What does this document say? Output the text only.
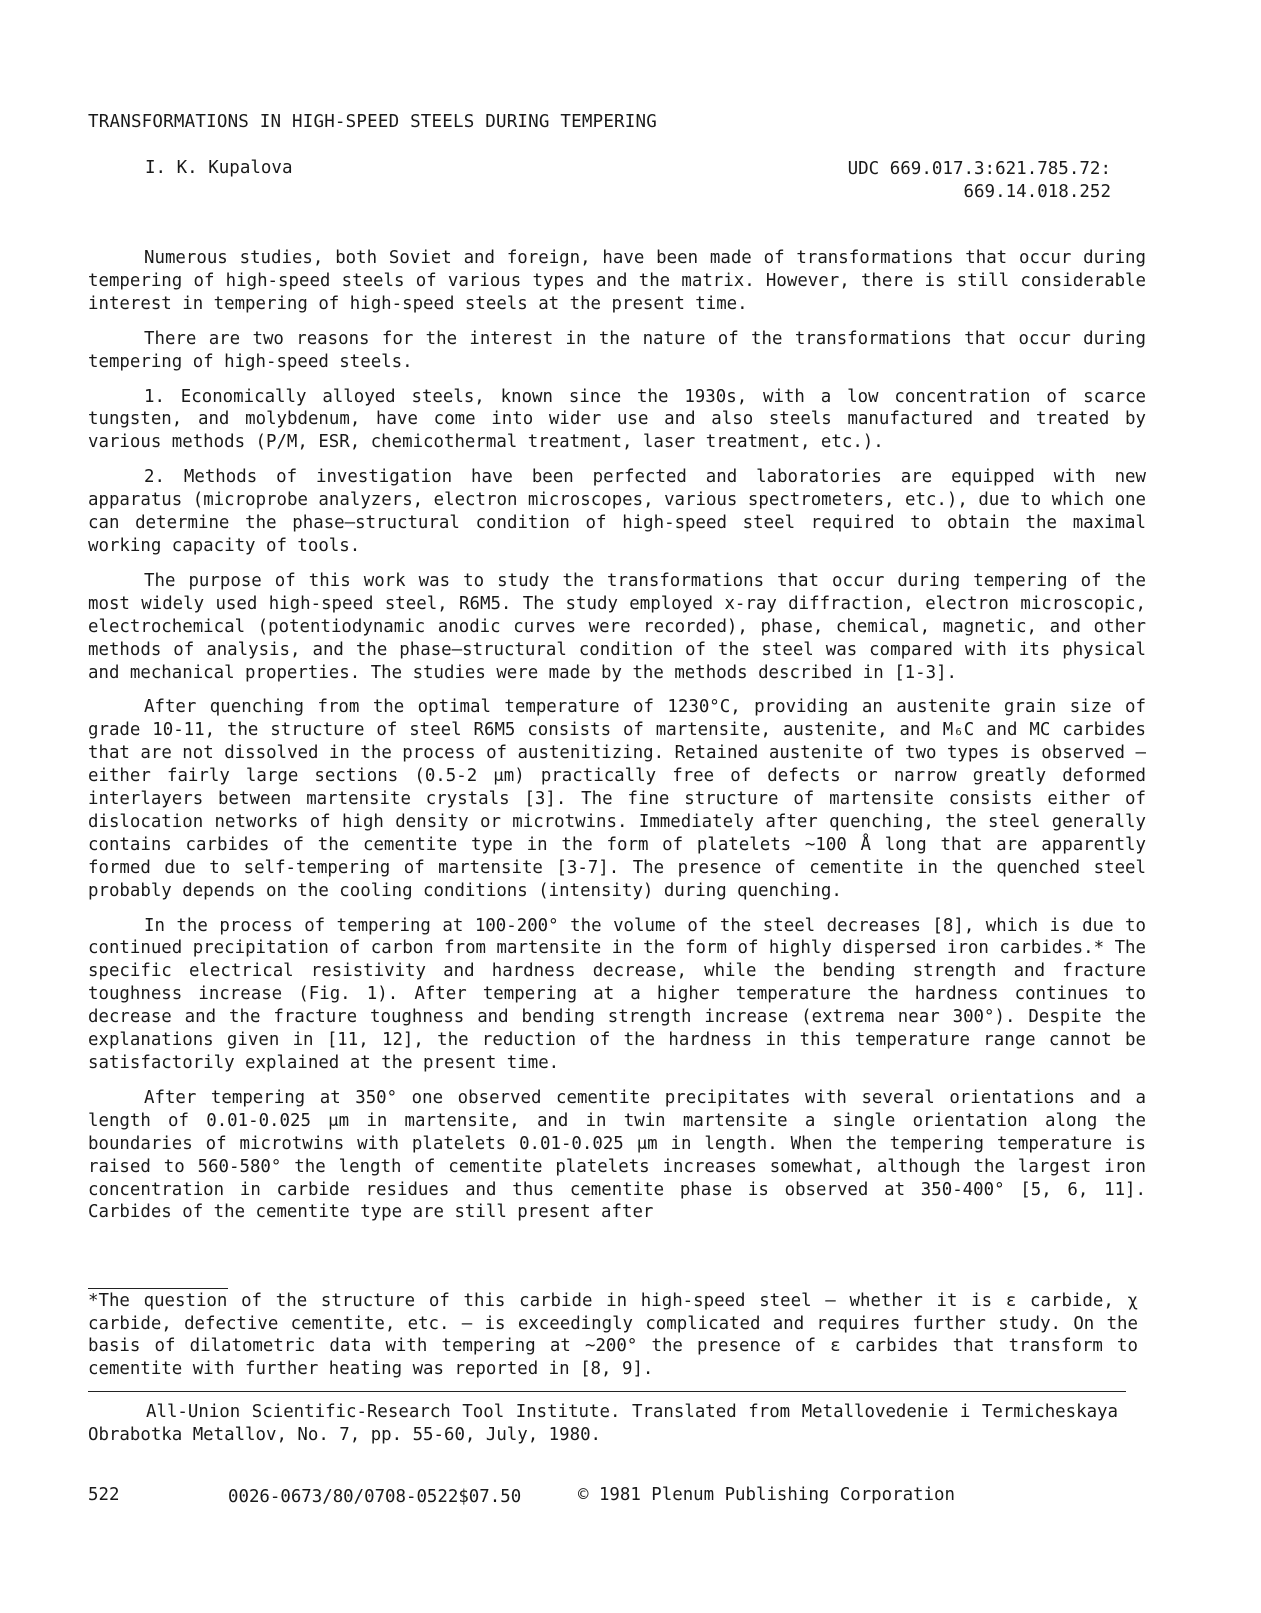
TRANSFORMATIONS IN HIGH-SPEED STEELS DURING TEMPERING
I. K. Kupalova	UDC 669.017.3:621.785.72:
669.14.018.252

Numerous studies, both Soviet and foreign, have been made of transformations that occur during tempering of high-speed steels of various types and the matrix. However, there is still considerable interest in tempering of high-speed steels at the present time.

There are two reasons for the interest in the nature of the transformations that occur during tempering of high-speed steels.

1. Economically alloyed steels, known since the 1930s, with a low concentration of scarce tungsten, and molybdenum, have come into wider use and also steels manufactured and treated by various methods (P/M, ESR, chemicothermal treatment, laser treatment, etc.).

2. Methods of investigation have been perfected and laboratories are equipped with new apparatus (microprobe analyzers, electron microscopes, various spectrometers, etc.), due to which one can determine the phase—structural condition of high-speed steel required to obtain the maximal working capacity of tools.

The purpose of this work was to study the transformations that occur during tempering of the most widely used high-speed steel, R6M5. The study employed x-ray diffraction, electron microscopic, electrochemical (potentiodynamic anodic curves were recorded), phase, chemical, magnetic, and other methods of analysis, and the phase—structural condition of the steel was compared with its physical and mechanical properties. The studies were made by the methods described in [1-3].

After quenching from the optimal temperature of 1230°C, providing an austenite grain size of grade 10-11, the structure of steel R6M5 consists of martensite, austenite, and M₆C and MC carbides that are not dissolved in the process of austenitizing. Retained austenite of two types is observed — either fairly large sections (0.5-2 μm) practically free of defects or narrow greatly deformed interlayers between martensite crystals [3]. The fine structure of martensite consists either of dislocation networks of high density or microtwins. Immediately after quenching, the steel generally contains carbides of the cementite type in the form of platelets ~100 Å long that are apparently formed due to self-tempering of martensite [3-7]. The presence of cementite in the quenched steel probably depends on the cooling conditions (intensity) during quenching.

In the process of tempering at 100-200° the volume of the steel decreases [8], which is due to continued precipitation of carbon from martensite in the form of highly dispersed iron carbides.* The specific electrical resistivity and hardness decrease, while the bending strength and fracture toughness increase (Fig. 1). After tempering at a higher temperature the hardness continues to decrease and the fracture toughness and bending strength increase (extrema near 300°). Despite the explanations given in [11, 12], the reduction of the hardness in this temperature range cannot be satisfactorily explained at the present time.

After tempering at 350° one observed cementite precipitates with several orientations and a length of 0.01-0.025 μm in martensite, and in twin martensite a single orientation along the boundaries of microtwins with platelets 0.01-0.025 μm in length. When the tempering temperature is raised to 560-580° the length of cementite platelets increases somewhat, although the largest iron concentration in carbide residues and thus cementite phase is observed at 350-400° [5, 6, 11]. Carbides of the cementite type are still present after

*The question of the structure of this carbide in high-speed steel — whether it is ε carbide, χ carbide, defective cementite, etc. — is exceedingly complicated and requires further study. On the basis of dilatometric data with tempering at ~200° the presence of ε carbides that transform to cementite with further heating was reported in [8, 9].
All-Union Scientific-Research Tool Institute. Translated from Metallovedenie i Termicheskaya Obrabotka Metallov, No. 7, pp. 55-60, July, 1980.
522	0026-0673/80/0708-0522$07.50	© 1981 Plenum Publishing Corporation
